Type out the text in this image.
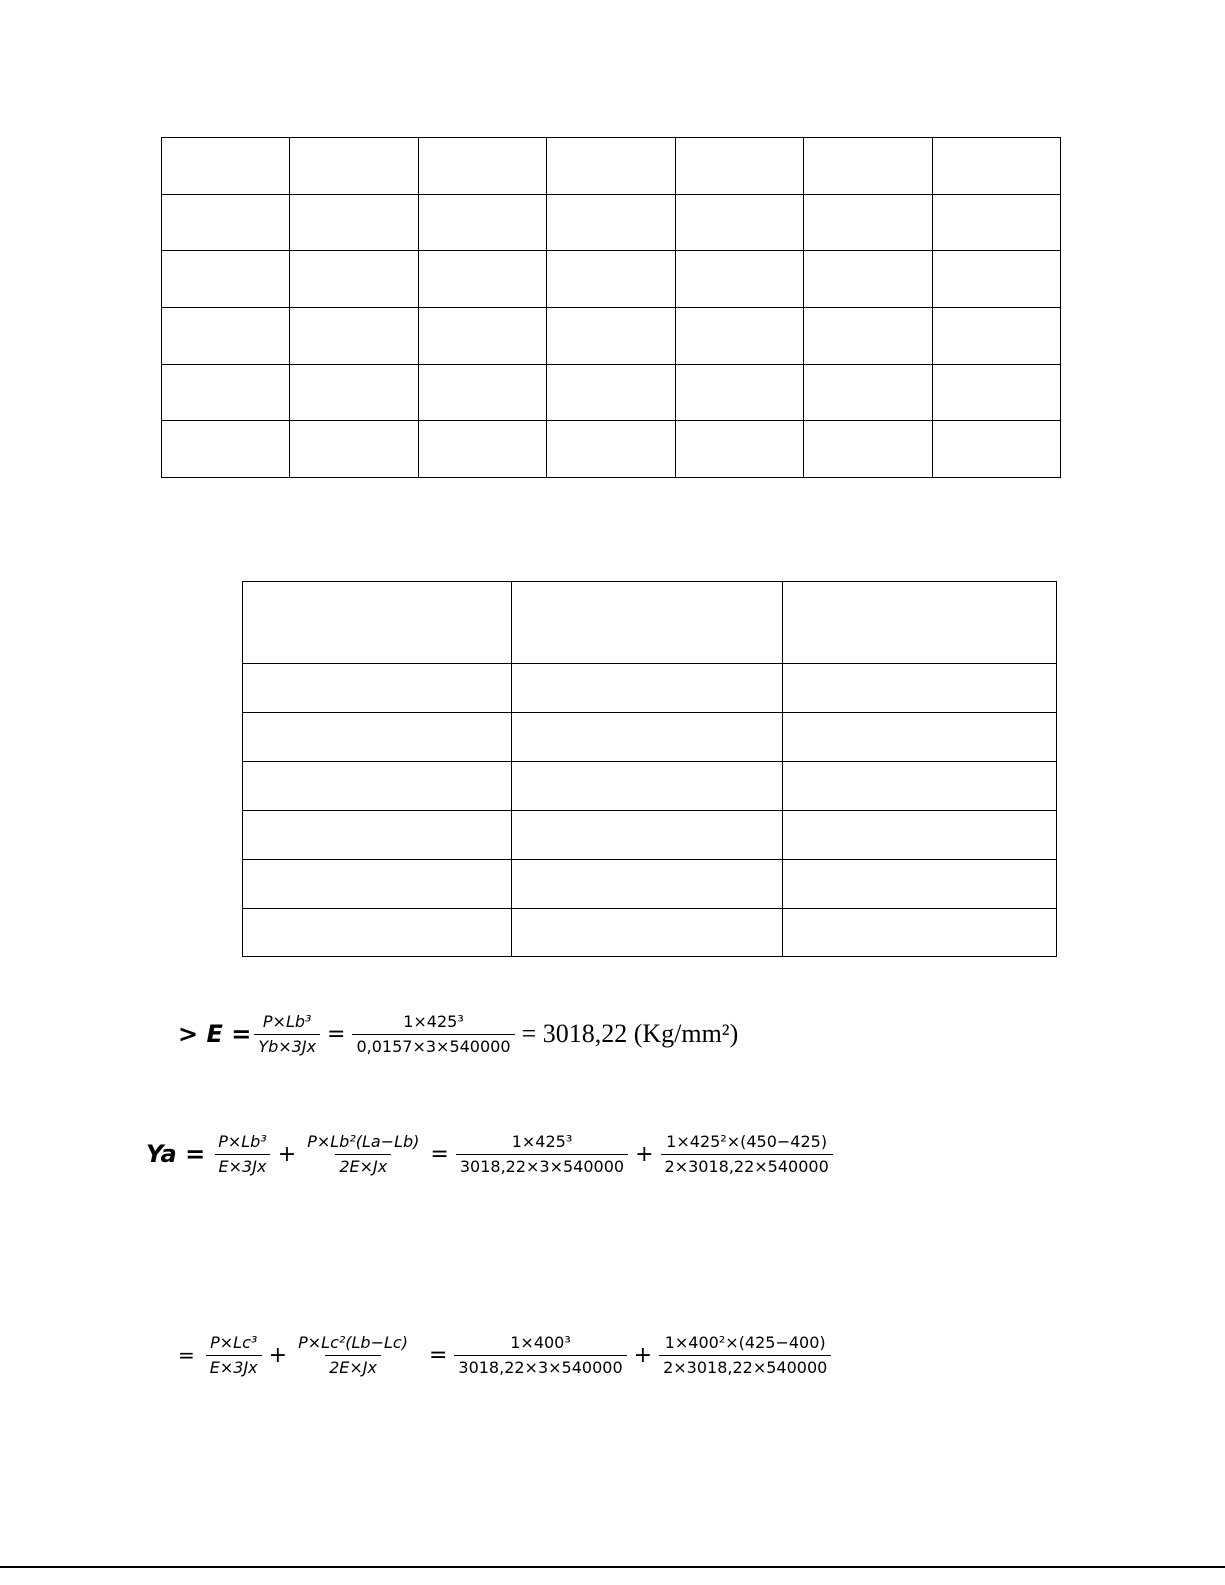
> $E = \frac{\text{P×Lb³}}{Yb\times 3Jx} = \frac{\text{1×425³}}{0,0157\times 3\times 540000} = 3018,22$ (Kg/mm²)
$Ya = \frac{\text{P×Lb³}}{E\times 3Jx} + \frac{\text{P×Lb²(La−Lb)}}{2E\times Jx} = \frac{\text{1×425³}}{3018,22\times 3\times 540000} + \frac{\text{1×425²×(450−425)}}{2\times 3018,22\times 540000}$
= $\frac{\text{P×Lc³}}{E\times 3Jx} + \frac{\text{P×Lc²(Lb−Lc)}}{2E\times Jx} = \frac{\text{1×400³}}{3018,22\times 3\times 540000} + \frac{\text{1×400²×(425−400)}}{2\times 3018,22\times 540000}$
